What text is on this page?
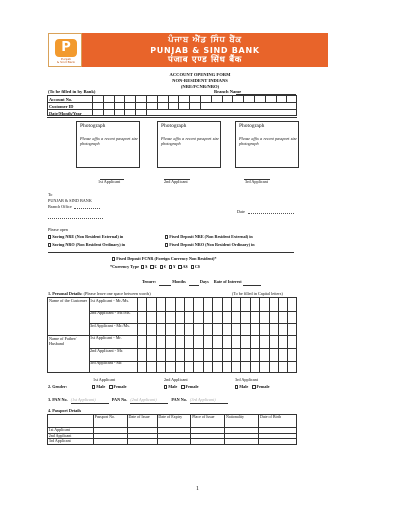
ਪੰਜਾਬ ਐਂਡ ਸਿੰਧ ਬੈਂਕ
PUNJAB & SIND BANK
पंजाब एण्ड सिंध बैंक
P
Punjab
& Sind Bank
ACCOUNT OPENING FORM
NON-RESIDENT INDIANS
(NRE/FCNR/NRO)
(To be filled in by Bank)	Branch Name
Account No.
Customer ID
Date/Month/Year
Photograph
Please affix a recent passport size photograph
Photograph
Please affix a recent passport size photograph
Photograph
Please affix a recent passport size photograph
1st Applicant	2nd Applicant	3rd Applicant
To
PUNJAB & SIND BANK
Branch Office
Date
Please open
Saving NRE (Non Resident External) in	Fixed Deposit NRE (Non Resident External) in
Saving NRO (Non Resident Ordinary) in	Fixed Deposit NRO (Non Resident Ordinary) in
Fixed Deposit FCNR (Foreign Currency Non Resident)*
*Currency Type $ £ € ¥ A$ C$
Tenure:	Months	Days Rate of Interest
1. Personal Details: (Please leave one space between words)	(To be filled in Capital letters)
Name of the Customer
Name of Father/ Husband
1st Applicant - Mr./Ms.
2nd Applicant - Mr./Ms.
3rd Applicant - Mr./Ms.
1st Applicant - Mr.
2nd Applicant - Mr.
3rd Applicant - Mr.
1st Applicant	2nd Applicant	3rd Applicant
2. Gender:	Male Female	Male Female	Male Female
3. PAN No. (1st Applicant)	PAN No. (2nd Applicant)	PAN No. (3rd Applicant)
4. Passport Details
	Passport No.	Date of Issue	Date of Expiry	Place of Issue	Nationality	Date of Birth
1st Applicant						
2nd Applicant						
3rd Applicant						
1
